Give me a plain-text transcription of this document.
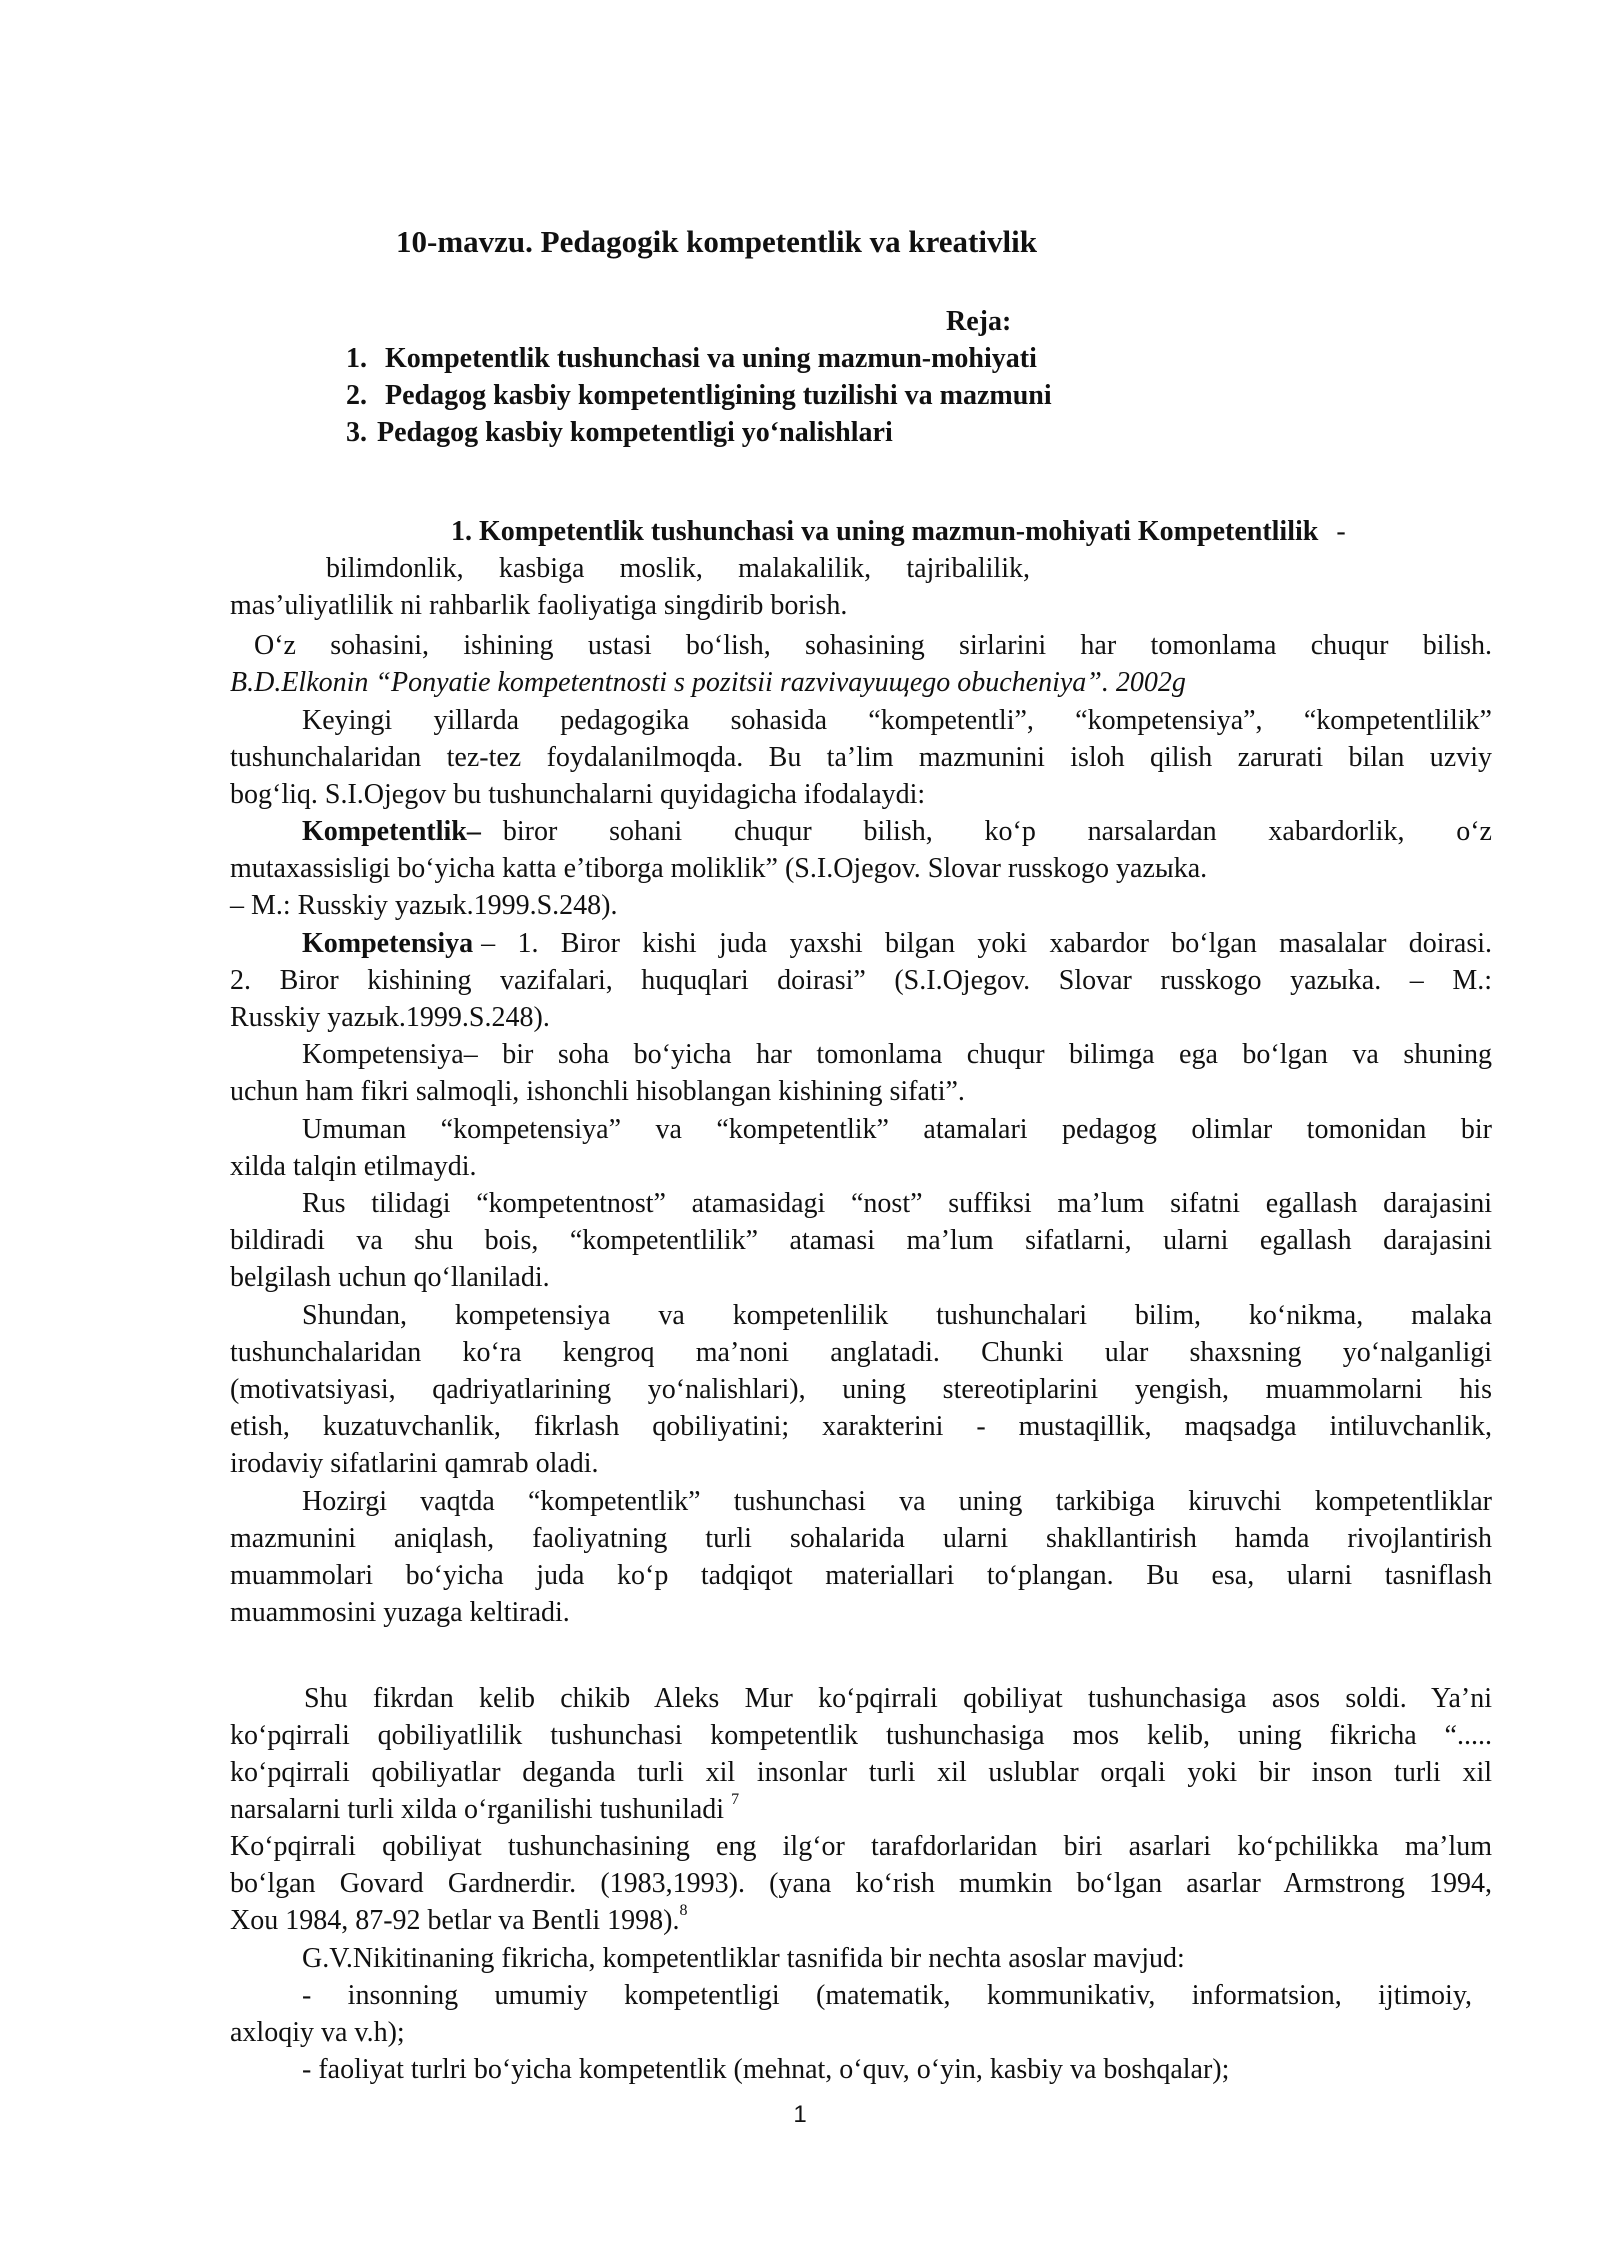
10-mavzu. Pedagogik kompetentlik va kreativlik
Reja:
1. Kompetentlik tushunchasi va uning mazmun-mohiyati
2. Pedagog kasbiy kompetentligining tuzilishi va mazmuni
3. Pedagog kasbiy kompetentligi yo‘nalishlari
1. Kompetentlik tushunchasi va uning mazmun-mohiyati Kompetentlilik -
bilimdonlik, kasbiga moslik, malakalilik, tajribalilik,
mas’uliyatlilik ni rahbarlik faoliyatiga singdirib borish.
O‘z sohasini, ishining ustasi bo‘lish, sohasining sirlarini har tomonlama chuqur bilish.
B.D.Elkonin “Ponyatie kompetentnosti s pozitsii razvivayuщego obucheniya”. 2002g
Keyingi yillarda pedagogika sohasida “kompetentli”, “kompetensiya”, “kompetentlilik”
tushunchalaridan tez-tez foydalanilmoqda. Bu ta’lim mazmunini isloh qilish zarurati bilan uzviy
bog‘liq. S.I.Ojegov bu tushunchalarni quyidagicha ifodalaydi:
Kompetentlik– biror sohani chuqur bilish, ko‘p narsalardan xabardorlik, o‘z
mutaxassisligi bo‘yicha katta e’tiborga moliklik” (S.I.Ojegov. Slovar russkogo yazыka.
– M.: Russkiy yazыk.1999.S.248).
Kompetensiya – 1. Biror kishi juda yaxshi bilgan yoki xabardor bo‘lgan masalalar doirasi.
2. Biror kishining vazifalari, huquqlari doirasi” (S.I.Ojegov. Slovar russkogo yazыka. – M.:
Russkiy yazыk.1999.S.248).
Kompetensiya– bir soha bo‘yicha har tomonlama chuqur bilimga ega bo‘lgan va shuning
uchun ham fikri salmoqli, ishonchli hisoblangan kishining sifati”.
Umuman “kompetensiya” va “kompetentlik” atamalari pedagog olimlar tomonidan bir
xilda talqin etilmaydi.
Rus tilidagi “kompetentnost” atamasidagi “nost” suffiksi ma’lum sifatni egallash darajasini
bildiradi va shu bois, “kompetentlilik” atamasi ma’lum sifatlarni, ularni egallash darajasini
belgilash uchun qo‘llaniladi.
Shundan, kompetensiya va kompetenlilik tushunchalari bilim, ko‘nikma, malaka
tushunchalaridan ko‘ra kengroq ma’noni anglatadi. Chunki ular shaxsning yo‘nalganligi
(motivatsiyasi, qadriyatlarining yo‘nalishlari), uning stereotiplarini yengish, muammolarni his
etish, kuzatuvchanlik, fikrlash qobiliyatini; xarakterini - mustaqillik, maqsadga intiluvchanlik,
irodaviy sifatlarini qamrab oladi.
Hozirgi vaqtda “kompetentlik” tushunchasi va uning tarkibiga kiruvchi kompetentliklar
mazmunini aniqlash, faoliyatning turli sohalarida ularni shakllantirish hamda rivojlantirish
muammolari bo‘yicha juda ko‘p tadqiqot materiallari to‘plangan. Bu esa, ularni tasniflash
muammosini yuzaga keltiradi.
Shu fikrdan kelib chikib Aleks Mur ko‘pqirrali qobiliyat tushunchasiga asos soldi. Ya’ni
ko‘pqirrali qobiliyatlilik tushunchasi kompetentlik tushunchasiga mos kelib, uning fikricha “.....
ko‘pqirrali qobiliyatlar deganda turli xil insonlar turli xil uslublar orqali yoki bir inson turli xil
narsalarni turli xilda o‘rganilishi tushuniladi $^7$
Ko‘pqirrali qobiliyat tushunchasining eng ilg‘or tarafdorlaridan biri asarlari ko‘pchilikka ma’lum
bo‘lgan Govard Gardnerdir. (1983,1993). (yana ko‘rish mumkin bo‘lgan asarlar Armstrong 1994,
Xou 1984, 87-92 betlar va Bentli 1998).$^8$
G.V.Nikitinaning fikricha, kompetentliklar tasnifida bir nechta asoslar mavjud:
- insonning umumiy kompetentligi (matematik, kommunikativ, informatsion, ijtimoiy,
axloqiy va v.h);
- faoliyat turlri bo‘yicha kompetentlik (mehnat, o‘quv, o‘yin, kasbiy va boshqalar);
1
